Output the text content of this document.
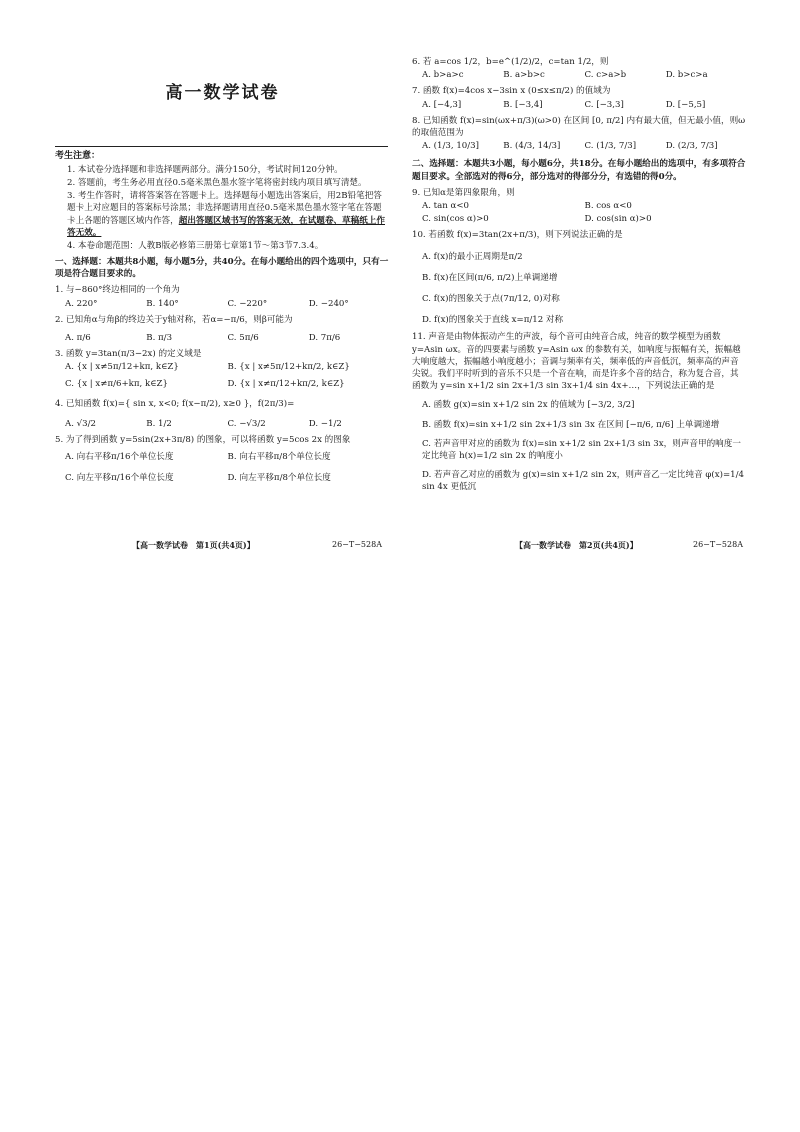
高一数学试卷
考生注意：

1. 本试卷分选择题和非选择题两部分。满分150分，考试时间120分钟。

2. 答题前，考生务必用直径0.5毫米黑色墨水签字笔将密封线内项目填写清楚。

3. 考生作答时，请将答案答在答题卡上。选择题每小题选出答案后，用2B铅笔把答题卡上对应题目的答案标号涂黑；非选择题请用直径0.5毫米黑色墨水签字笔在答题卡上各题的答题区域内作答，超出答题区域书写的答案无效，在试题卷、草稿纸上作答无效。

4. 本卷命题范围：人教B版必修第三册第七章第1节～第3节7.3.4。

一、选择题：本题共8小题，每小题5分，共40分。在每小题给出的四个选项中，只有一项是符合题目要求的。
1. 与−860°终边相同的一个角为
A. 220°	B. 140°	C. −220°	D. −240°
2. 已知角α与角β的终边关于y轴对称，若α=−π/6，则β可能为
A. π/6	B. π/3	C. 5π/6	D. 7π/6
3. 函数 y=3tan(π/3−2x) 的定义域是
A. {x | x≠5π/12+kπ, k∈Z}	B. {x | x≠5π/12+kπ/2, k∈Z}
C. {x | x≠π/6+kπ, k∈Z}	D. {x | x≠π/12+kπ/2, k∈Z}
4. 已知函数 f(x)={ sin x, x<0; f(x−π/2), x≥0 }，f(2π/3)=
A. √3/2	B. 1/2	C. −√3/2	D. −1/2
5. 为了得到函数 y=5sin(2x+3π/8) 的图象，可以将函数 y=5cos 2x 的图象
A. 向右平移π/16个单位长度	B. 向右平移π/8个单位长度
C. 向左平移π/16个单位长度	D. 向左平移π/8个单位长度
【高一数学试卷　第1页(共4页)】	26−T−528A
6. 若 a=cos 1/2，b=e^(1/2)/2，c=tan 1/2，则
A. b>a>c	B. a>b>c	C. c>a>b	D. b>c>a
7. 函数 f(x)=4cos x−3sin x (0≤x≤π/2) 的值域为
A. [−4,3]	B. [−3,4]	C. [−3,3]	D. [−5,5]
8. 已知函数 f(x)=sin(ωx+π/3)(ω>0) 在区间 [0, π/2] 内有最大值，但无最小值，则ω的取值范围为
A. (1/3, 10/3]	B. (4/3, 14/3]	C. (1/3, 7/3]	D. (2/3, 7/3]
二、选择题：本题共3小题，每小题6分，共18分。在每小题给出的选项中，有多项符合题目要求。全部选对的得6分，部分选对的得部分分，有选错的得0分。
9. 已知α是第四象限角，则
A. tan α<0	B. cos α<0
C. sin(cos α)>0	D. cos(sin α)>0
10. 若函数 f(x)=3tan(2x+π/3)，则下列说法正确的是
A. f(x)的最小正周期是π/2
B. f(x)在区间(π/6, π/2)上单调递增
C. f(x)的图象关于点(7π/12, 0)对称
D. f(x)的图象关于直线 x=π/12 对称
11. 声音是由物体振动产生的声波，每个音可由纯音合成，纯音的数学模型为函数 y=Asin ωx。音的四要素与函数 y=Asin ωx 的参数有关，如响度与振幅有关，振幅越大响度越大，振幅越小响度越小；音调与频率有关，频率低的声音低沉，频率高的声音尖锐。我们平时听到的音乐不只是一个音在响，而是许多个音的结合，称为复合音，其函数为 y=sin x+1/2 sin 2x+1/3 sin 3x+1/4 sin 4x+…，下列说法正确的是
A. 函数 g(x)=sin x+1/2 sin 2x 的值域为 [−3/2, 3/2]
B. 函数 f(x)=sin x+1/2 sin 2x+1/3 sin 3x 在区间 [−π/6, π/6] 上单调递增
C. 若声音甲对应的函数为 f(x)=sin x+1/2 sin 2x+1/3 sin 3x，则声音甲的响度一定比纯音 h(x)=1/2 sin 2x 的响度小
D. 若声音乙对应的函数为 g(x)=sin x+1/2 sin 2x，则声音乙一定比纯音 φ(x)=1/4 sin 4x 更低沉
【高一数学试卷　第2页(共4页)】	26−T−528A
